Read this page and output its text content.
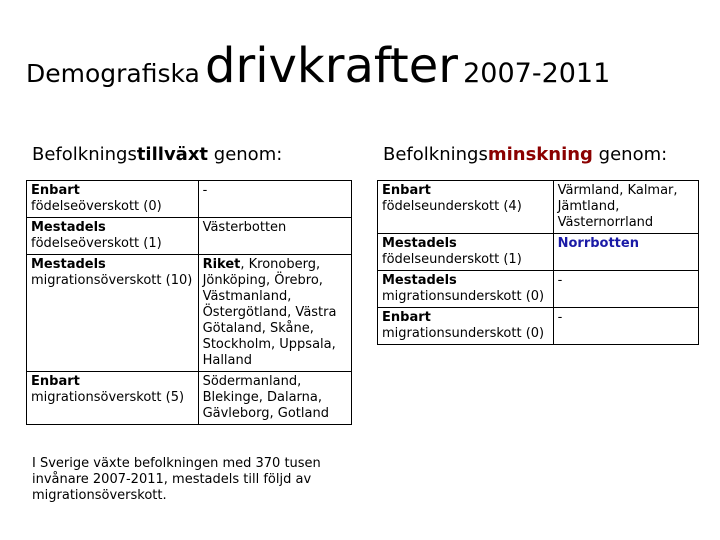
Demografiska drivkrafter 2007-2011
Befolkningstillväxt genom:	Befolkningsminskning genom:
Enbart
födelseöverskott (0)	-
Mestadels
födelseöverskott (1)	Västerbotten
Mestadels
migrationsöverskott (10)	Riket, Kronoberg, Jönköping, Örebro, Västmanland, Östergötland, Västra Götaland, Skåne, Stockholm, Uppsala, Halland
Enbart
migrationsöverskott (5)	Södermanland, Blekinge, Dalarna, Gävleborg, Gotland
Enbart
födelseunderskott (4)	Värmland, Kalmar, Jämtland, Västernorrland
Mestadels
födelseunderskott (1)	Norrbotten
Mestadels
migrationsunderskott (0)	-
Enbart
migrationsunderskott (0)	-
I Sverige växte befolkningen med 370 tusen invånare 2007-2011, mestadels till följd av migrationsöverskott.
